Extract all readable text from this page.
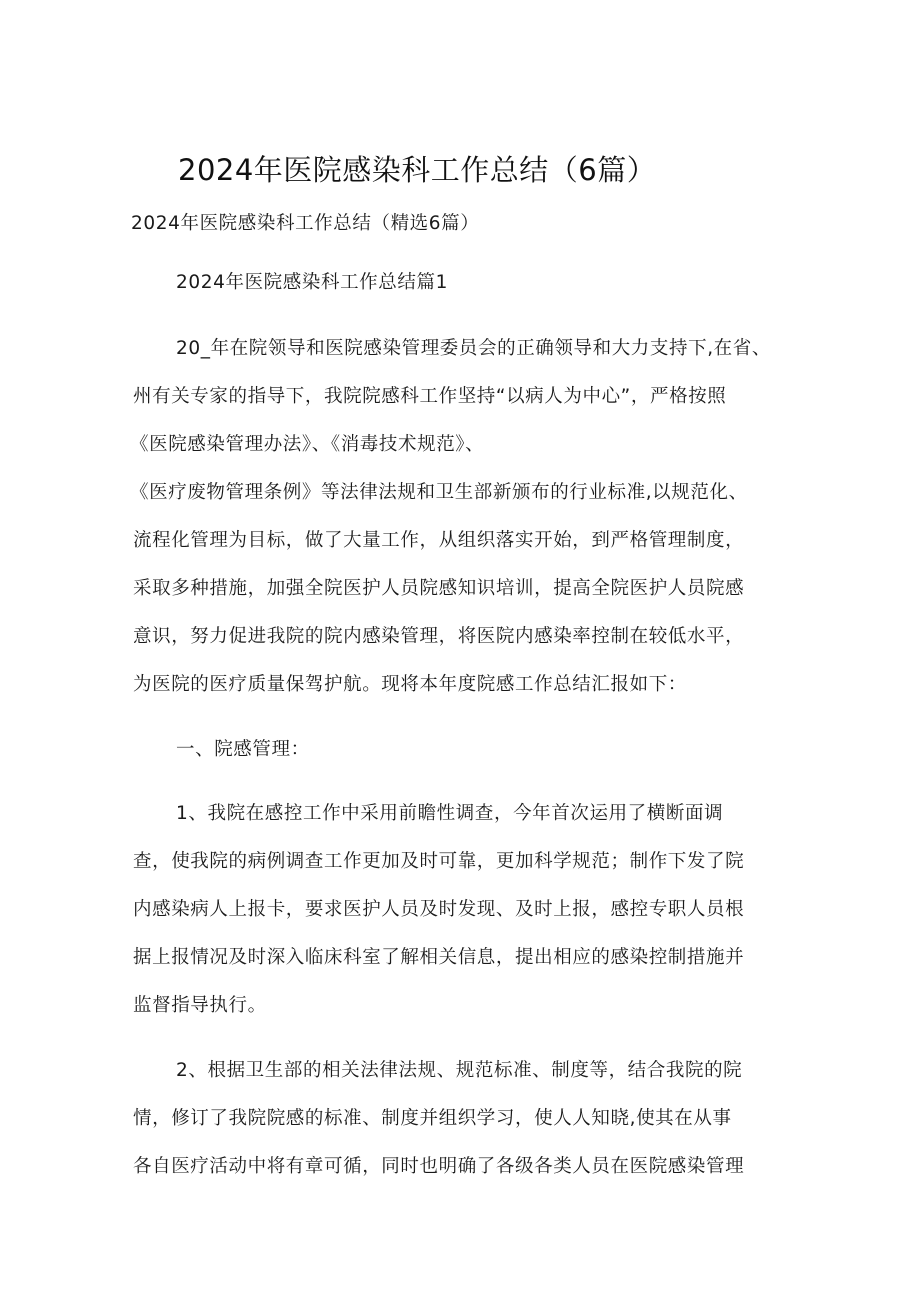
2024年医院感染科工作总结（6篇）
2024年医院感染科工作总结（精选6篇）
2024年医院感染科工作总结篇1
20_年在院领导和医院感染管理委员会的正确领导和大力支持下,在省、
州有关专家的指导下，我院院感科工作坚持“以病人为中心”，严格按照
《医院感染管理办法》、《消毒技术规范》、
《医疗废物管理条例》等法律法规和卫生部新颁布的行业标准,以规范化、
流程化管理为目标，做了大量工作，从组织落实开始，到严格管理制度，
采取多种措施，加强全院医护人员院感知识培训，提高全院医护人员院感
意识，努力促进我院的院内感染管理，将医院内感染率控制在较低水平，
为医院的医疗质量保驾护航。现将本年度院感工作总结汇报如下：
一、院感管理：
1、我院在感控工作中采用前瞻性调查，今年首次运用了横断面调
查，使我院的病例调查工作更加及时可靠，更加科学规范；制作下发了院
内感染病人上报卡，要求医护人员及时发现、及时上报，感控专职人员根
据上报情况及时深入临床科室了解相关信息，提出相应的感染控制措施并
监督指导执行。
2、根据卫生部的相关法律法规、规范标准、制度等，结合我院的院
情，修订了我院院感的标准、制度并组织学习，使人人知晓,使其在从事
各自医疗活动中将有章可循，同时也明确了各级各类人员在医院感染管理
